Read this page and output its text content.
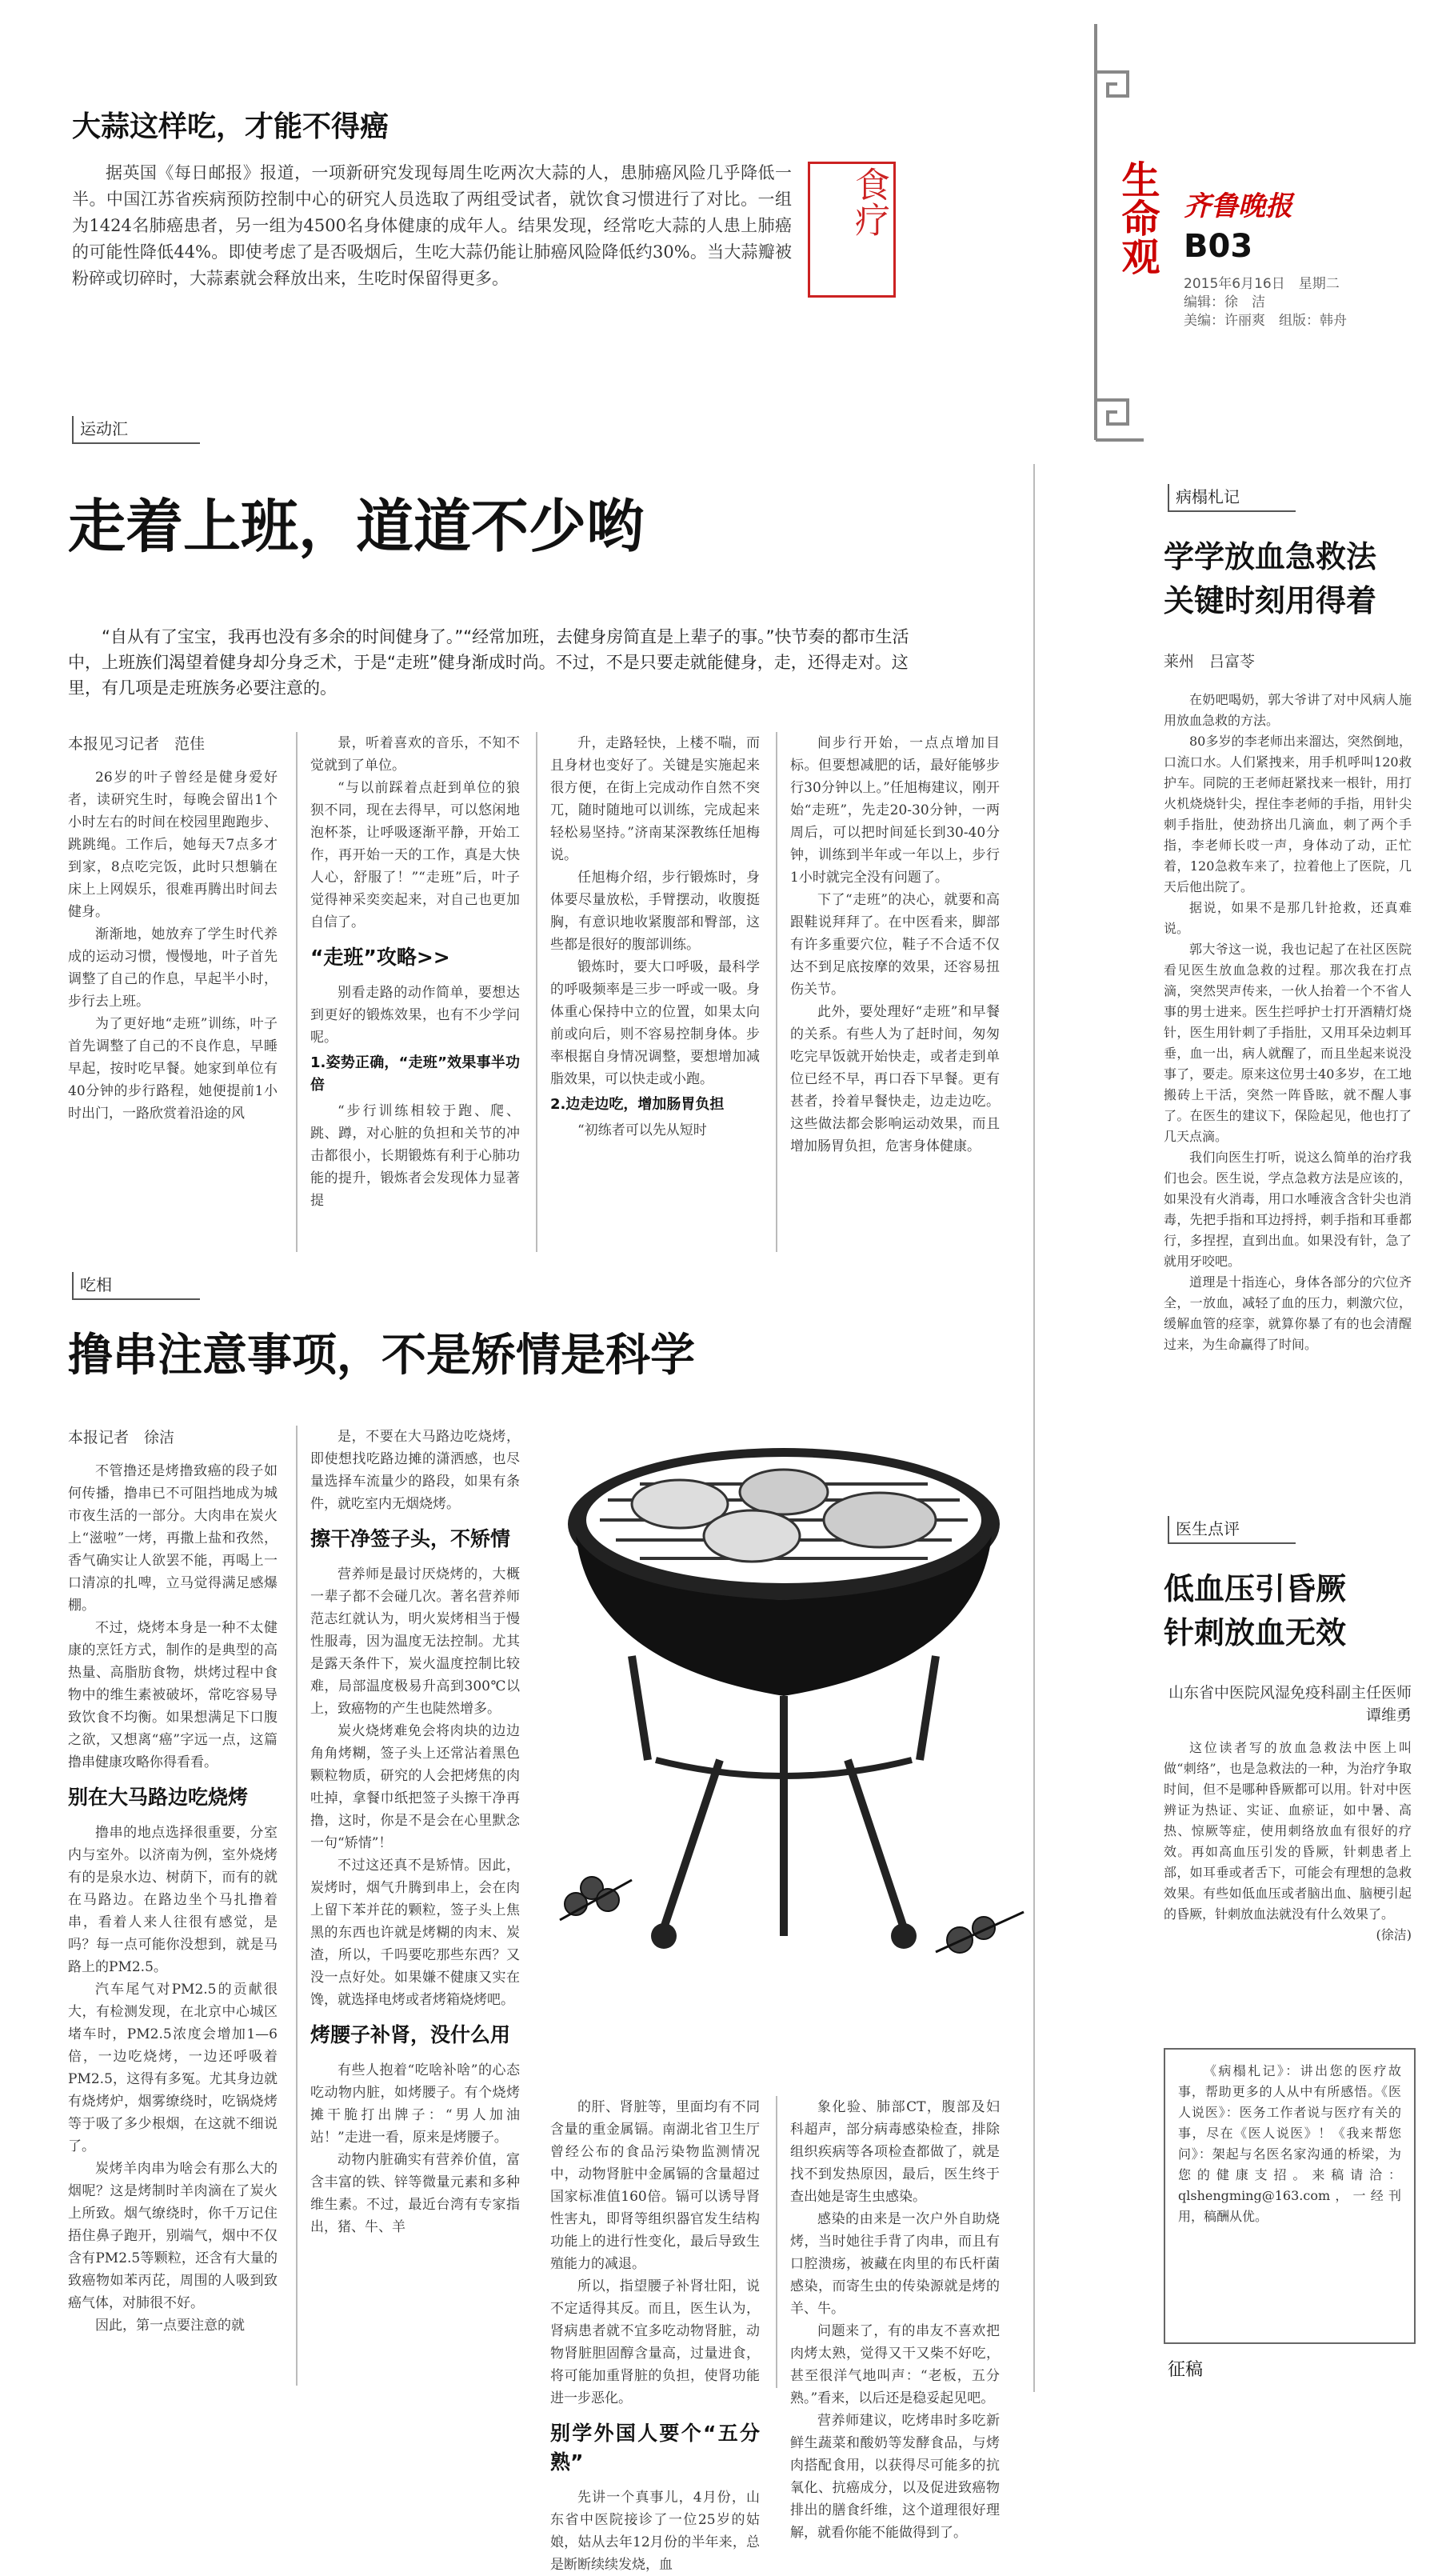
食疗	生命观 齐鲁晚报
B03
2015年6月16日　星期二
编辑：徐　洁
美编：许丽爽　组版：韩舟
大蒜这样吃，才能不得癌
据英国《每日邮报》报道，一项新研究发现每周生吃两次大蒜的人，患肺癌风险几乎降低一半。中国江苏省疾病预防控制中心的研究人员选取了两组受试者，就饮食习惯进行了对比。一组为1424名肺癌患者，另一组为4500名身体健康的成年人。结果发现，经常吃大蒜的人患上肺癌的可能性降低44%。即使考虑了是否吸烟后，生吃大蒜仍能让肺癌风险降低约30%。当大蒜瓣被粉碎或切碎时，大蒜素就会释放出来，生吃时保留得更多。
运动汇
走着上班，道道不少哟
“自从有了宝宝，我再也没有多余的时间健身了。”“经常加班，去健身房简直是上辈子的事。”快节奏的都市生活中，上班族们渴望着健身却分身乏术，于是“走班”健身渐成时尚。不过，不是只要走就能健身，走，还得走对。这里，有几项是走班族务必要注意的。
本报见习记者　范佳

26岁的叶子曾经是健身爱好者，读研究生时，每晚会留出1个小时左右的时间在校园里跑跑步、跳跳绳。工作后，她每天7点多才到家，8点吃完饭，此时只想躺在床上上网娱乐，很难再腾出时间去健身。

渐渐地，她放弃了学生时代养成的运动习惯，慢慢地，叶子首先调整了自己的作息，早起半小时，步行去上班。

为了更好地“走班”训练，叶子首先调整了自己的不良作息，早睡早起，按时吃早餐。她家到单位有40分钟的步行路程，她便提前1小时出门，一路欣赏着沿途的风

景，听着喜欢的音乐，不知不觉就到了单位。

“与以前踩着点赶到单位的狼狈不同，现在去得早，可以悠闲地泡杯茶，让呼吸逐渐平静，开始工作，再开始一天的工作，真是大快人心，舒服了！”“走班”后，叶子觉得神采奕奕起来，对自己也更加自信了。

“走班”攻略>>

别看走路的动作简单，要想达到更好的锻炼效果，也有不少学问呢。

1.姿势正确，“走班”效果事半功倍

“步行训练相较于跑、爬、跳、蹲，对心脏的负担和关节的冲击都很小，长期锻炼有利于心肺功能的提升，锻炼者会发现体力显著提

升，走路轻快，上楼不喘，而且身材也变好了。关键是实施起来很方便，在街上完成动作自然不突兀，随时随地可以训练，完成起来轻松易坚持。”济南某深教练任旭梅说。

任旭梅介绍，步行锻炼时，身体要尽量放松，手臂摆动，收腹挺胸，有意识地收紧腹部和臀部，这些都是很好的腹部训练。

锻炼时，要大口呼吸，最科学的呼吸频率是三步一呼或一吸。身体重心保持中立的位置，如果太向前或向后，则不容易控制身体。步率根据自身情况调整，要想增加减脂效果，可以快走或小跑。

2.边走边吃，增加肠胃负担

“初练者可以先从短时

间步行开始，一点点增加目标。但要想减肥的话，最好能够步行30分钟以上。”任旭梅建议，刚开始“走班”，先走20-30分钟，一两周后，可以把时间延长到30-40分钟，训练到半年或一年以上，步行1小时就完全没有问题了。

下了“走班”的决心，就要和高跟鞋说拜拜了。在中医看来，脚部有许多重要穴位，鞋子不合适不仅达不到足底按摩的效果，还容易扭伤关节。

此外，要处理好“走班”和早餐的关系。有些人为了赶时间，匆匆吃完早饭就开始快走，或者走到单位已经不早，再口吞下早餐。更有甚者，拎着早餐快走，边走边吃。这些做法都会影响运动效果，而且增加肠胃负担，危害身体健康。

吃相
撸串注意事项，不是矫情是科学
本报记者　徐洁

不管撸还是烤撸致癌的段子如何传播，撸串已不可阻挡地成为城市夜生活的一部分。大肉串在炭火上“滋啦”一烤，再撒上盐和孜然，香气确实让人欲罢不能，再喝上一口清凉的扎啤，立马觉得满足感爆棚。

不过，烧烤本身是一种不太健康的烹饪方式，制作的是典型的高热量、高脂肪食物，烘烤过程中食物中的维生素被破坏，常吃容易导致饮食不均衡。如果想满足下口腹之欲，又想离“癌”字远一点，这篇撸串健康攻略你得看看。

别在大马路边吃烧烤

撸串的地点选择很重要，分室内与室外。以济南为例，室外烧烤有的是泉水边、树荫下，而有的就在马路边。在路边坐个马扎撸着串，看着人来人往很有感觉，是吗？每一点可能你没想到，就是马路上的PM2.5。

汽车尾气对PM2.5的贡献很大，有检测发现，在北京中心城区堵车时，PM2.5浓度会增加1—6倍，一边吃烧烤，一边还呼吸着PM2.5，这得有多冤。尤其身边就有烧烤炉，烟雾缭绕时，吃锅烧烤等于吸了多少根烟，在这就不细说了。

炭烤羊肉串为啥会有那么大的烟呢？这是烤制时羊肉滴在了炭火上所致。烟气缭绕时，你千万记住捂住鼻子跑开，别端气，烟中不仅含有PM2.5等颗粒，还含有大量的致癌物如苯丙芘，周围的人吸到致癌气体，对肺很不好。

因此，第一点要注意的就

是，不要在大马路边吃烧烤，即使想找吃路边摊的潇洒感，也尽量选择车流量少的路段，如果有条件，就吃室内无烟烧烤。

擦干净签子头，不矫情

营养师是最讨厌烧烤的，大概一辈子都不会碰几次。著名营养师范志红就认为，明火炭烤相当于慢性服毒，因为温度无法控制。尤其是露天条件下，炭火温度控制比较难，局部温度极易升高到300℃以上，致癌物的产生也陡然增多。

炭火烧烤难免会将肉块的边边角角烤糊，签子头上还常沾着黑色颗粒物质，研究的人会把烤焦的肉吐掉，拿餐巾纸把签子头擦干净再撸，这时，你是不是会在心里默念一句“矫情”！

不过这还真不是矫情。因此，炭烤时，烟气升腾到串上，会在肉上留下苯并芘的颗粒，签子头上焦黑的东西也许就是烤糊的肉末、炭渣，所以，千吗要吃那些东西？又没一点好处。如果嫌不健康又实在馋，就选择电烤或者烤箱烧烤吧。

烤腰子补肾，没什么用

有些人抱着“吃啥补啥”的心态吃动物内脏，如烤腰子。有个烧烤摊干脆打出牌子：“男人加油站！”走进一看，原来是烤腰子。

动物内脏确实有营养价值，富含丰富的铁、锌等微量元素和多种维生素。不过，最近台湾有专家指出，猪、牛、羊

的肝、肾脏等，里面均有不同含量的重金属镉。南湖北省卫生厅曾经公布的食品污染物监测情况中，动物肾脏中金属镉的含量超过国家标准值160倍。镉可以诱导肾性害丸，即肾等组织器官发生结构功能上的进行性变化，最后导致生殖能力的减退。

所以，指望腰子补肾壮阳，说不定适得其反。而且，医生认为，肾病患者就不宜多吃动物肾脏，动物肾脏胆固醇含量高，过量进食，将可能加重肾脏的负担，使肾功能进一步恶化。

别学外国人要个“五分熟”

先讲一个真事儿，4月份，山东省中医院接诊了一位25岁的姑娘，姑从去年12月份的半年来，总是断断续续发烧，血

象化验、肺部CT，腹部及妇科超声，部分病毒感染检查，排除组织疾病等各项检查都做了，就是找不到发热原因，最后，医生终于查出她是寄生虫感染。

感染的由来是一次户外自助烧烤，当时她往手背了肉串，而且有口腔溃疡，被藏在肉里的布氏杆菌感染，而寄生虫的传染源就是烤的羊、牛。

问题来了，有的串友不喜欢把肉烤太熟，觉得又干又柴不好吃，甚至很洋气地叫声：“老板，五分熟。”看来，以后还是稳妥起见吧。

营养师建议，吃烤串时多吃新鲜生蔬菜和酸奶等发酵食品，与烤肉搭配食用，以获得尽可能多的抗氧化、抗癌成分，以及促进致癌物排出的膳食纤维，这个道理很好理解，就看你能不能做得到了。

病榻札记
学学放血急救法
关键时刻用得着
莱州　吕富苓

在奶吧喝奶，郭大爷讲了对中风病人施用放血急救的方法。

80多岁的李老师出来溜达，突然倒地，口流口水。人们紧拽来，用手机呼叫120救护车。同院的王老师赶紧找来一根针，用打火机烧烧针尖，捏住李老师的手指，用针尖刺手指肚，使劲挤出几滴血，刺了两个手指，李老师长哎一声，身体动了动，正忙着，120急救车来了，拉着他上了医院，几天后他出院了。

据说，如果不是那几针抢救，还真难说。

郭大爷这一说，我也记起了在社区医院看见医生放血急救的过程。那次我在打点滴，突然哭声传来，一伙人抬着一个不省人事的男士进来。医生拦呼护士打开酒精灯烧针，医生用针刺了手指肚，又用耳朵边刺耳垂，血一出，病人就醒了，而且坐起来说没事了，要走。原来这位男士40多岁，在工地搬砖上干活，突然一阵昏眩，就不醒人事了。在医生的建议下，保险起见，他也打了几天点滴。

我们向医生打听，说这么简单的治疗我们也会。医生说，学点急救方法是应该的，如果没有火消毒，用口水唾液含含针尖也消毒，先把手指和耳边捋捋，刺手指和耳垂都行，多捏捏，直到出血。如果没有针，急了就用牙咬吧。

道理是十指连心，身体各部分的穴位齐全，一放血，减轻了血的压力，刺激穴位，缓解血管的痉挛，就算你暴了有的也会清醒过来，为生命赢得了时间。

医生点评
低血压引昏厥
针刺放血无效
山东省中医院风湿免疫科副主任医师　谭维勇

这位读者写的放血急救法中医上叫做“刺络”，也是急救法的一种，为治疗争取时间，但不是哪种昏厥都可以用。针对中医辨证为热证、实证、血瘀证，如中暑、高热、惊厥等症，使用刺络放血有很好的疗效。再如高血压引发的昏厥，针刺患者上部，如耳垂或者舌下，可能会有理想的急救效果。有些如低血压或者脑出血、脑梗引起的昏厥，针刺放血法就没有什么效果了。

(徐洁)
《病榻札记》：讲出您的医疗故事，帮助更多的人从中有所感悟。《医人说医》：医务工作者说与医疗有关的事，尽在《医人说医》！《我来帮您问》：架起与名医名家沟通的桥梁，为您的健康支招。来稿请洽：qlshengming@163.com，一经刊用，稿酬从优。
征稿
